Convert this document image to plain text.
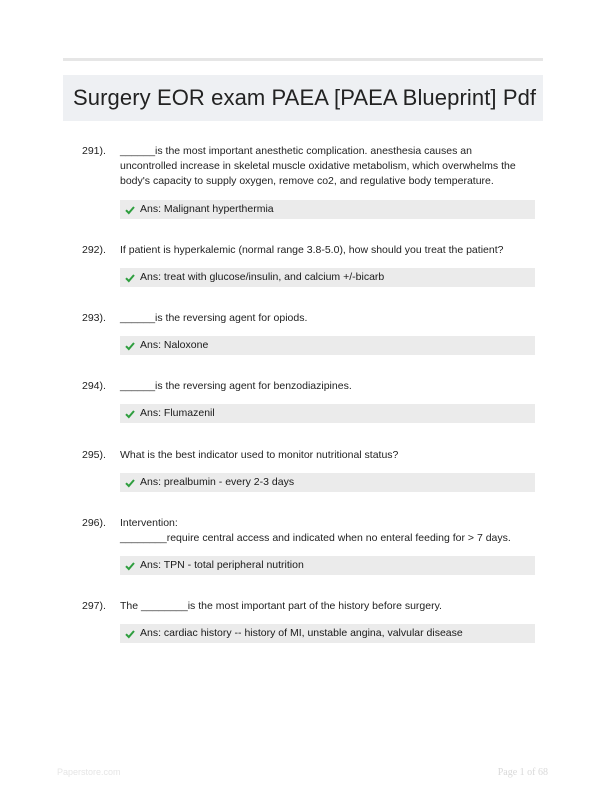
Surgery EOR exam PAEA [PAEA Blueprint] Pdf
291).	______is the most important anesthetic complication. anesthesia causes an
uncontrolled increase in skeletal muscle oxidative metabolism, which overwhelms the
body's capacity to supply oxygen, remove co2, and regulative body temperature.
Ans: Malignant hyperthermia
292).	If patient is hyperkalemic (normal range 3.8-5.0), how should you treat the patient?
Ans: treat with glucose/insulin, and calcium +/-bicarb
293).	______is the reversing agent for opiods.
Ans: Naloxone
294).	______is the reversing agent for benzodiazipines.
Ans: Flumazenil
295).	What is the best indicator used to monitor nutritional status?
Ans: prealbumin - every 2-3 days
296).	Intervention:
________require central access and indicated when no enteral feeding for > 7 days.
Ans: TPN - total peripheral nutrition
297).	The ________is the most important part of the history before surgery.
Ans: cardiac history -- history of MI, unstable angina, valvular disease
Paperstore.com	Page 1 of 68
